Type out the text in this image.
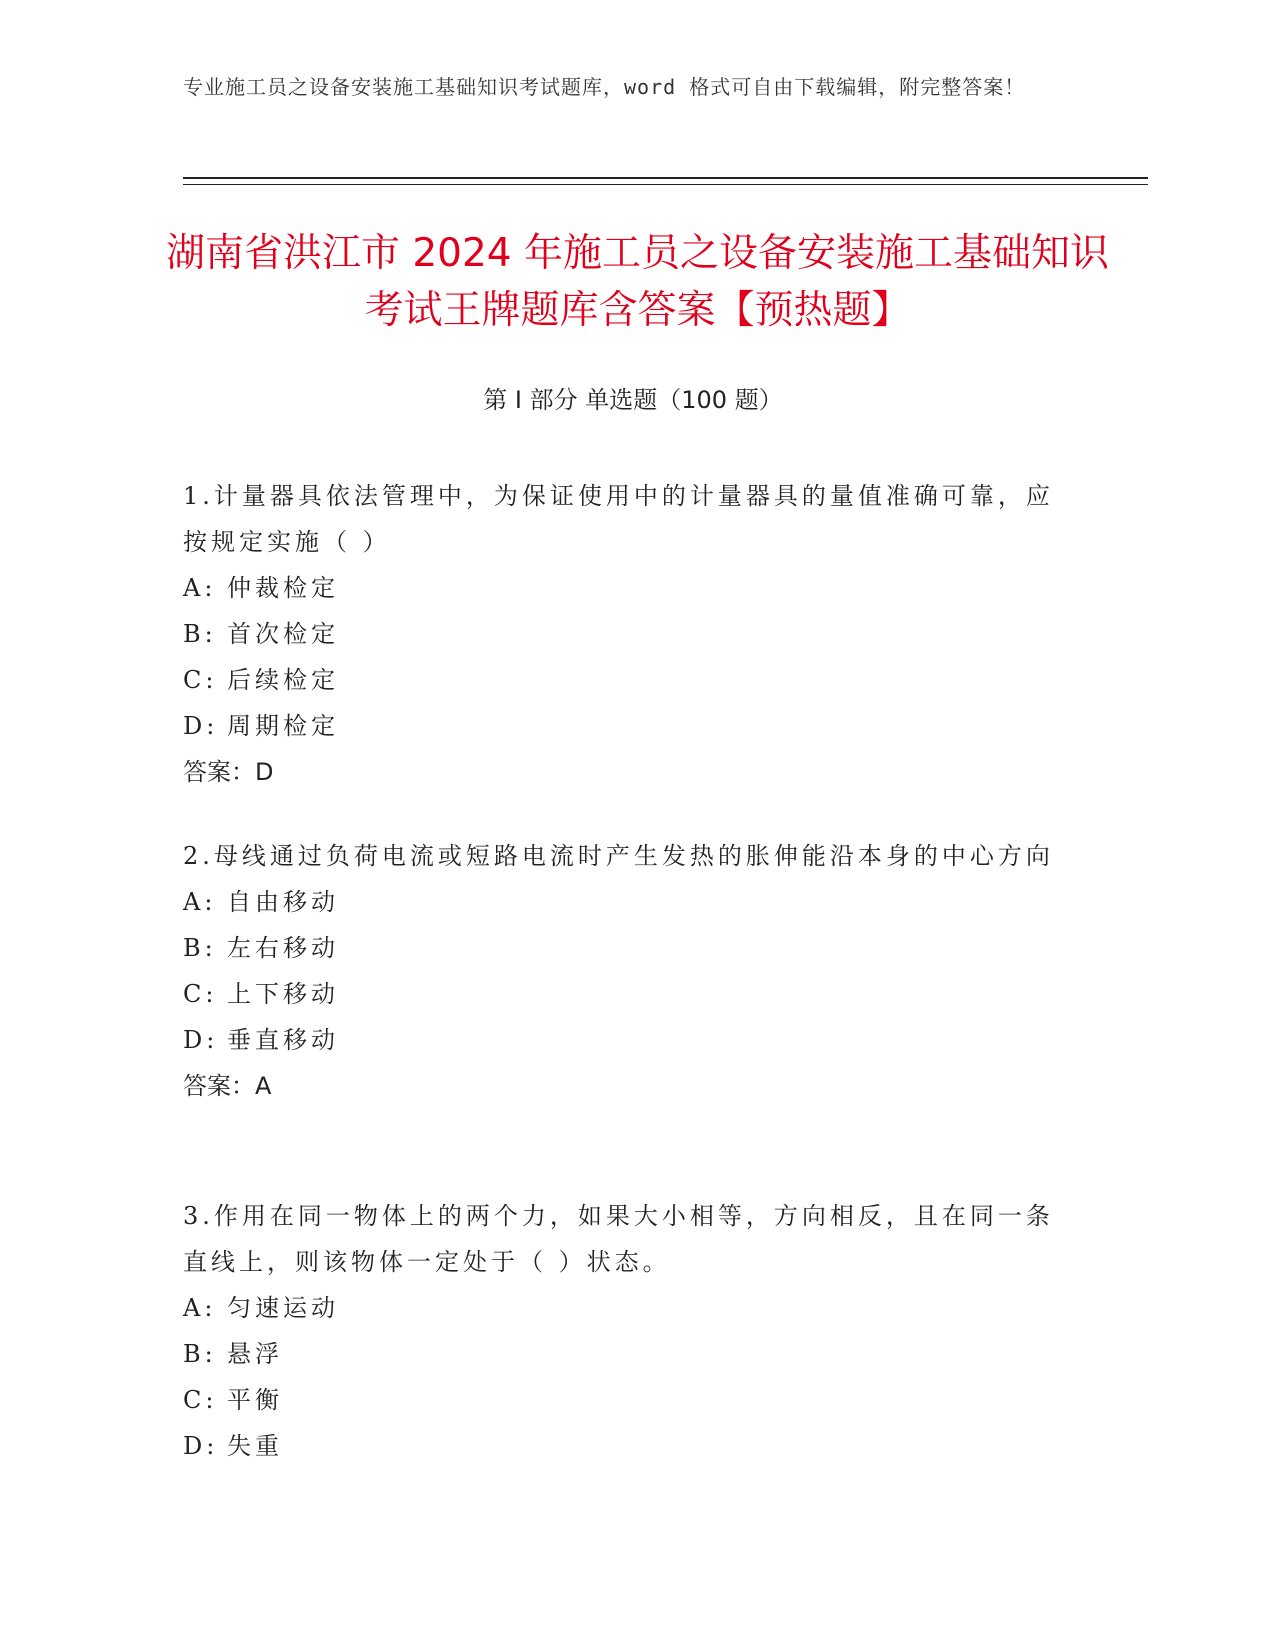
专业施工员之设备安装施工基础知识考试题库，word 格式可自由下载编辑，附完整答案！
湖南省洪江市 2024 年施工员之设备安装施工基础知识考试王牌题库含答案【预热题】
第 I 部分 单选题（100 题）
1.计量器具依法管理中，为保证使用中的计量器具的量值准确可靠，应按规定实施（ ）
A: 仲裁检定
B: 首次检定
C: 后续检定
D: 周期检定
答案：D
2.母线通过负荷电流或短路电流时产生发热的胀伸能沿本身的中心方向
A: 自由移动
B: 左右移动
C: 上下移动
D: 垂直移动
答案：A
3.作用在同一物体上的两个力，如果大小相等，方向相反，且在同一条直线上，则该物体一定处于（ ）状态。
A: 匀速运动
B: 悬浮
C: 平衡
D: 失重
